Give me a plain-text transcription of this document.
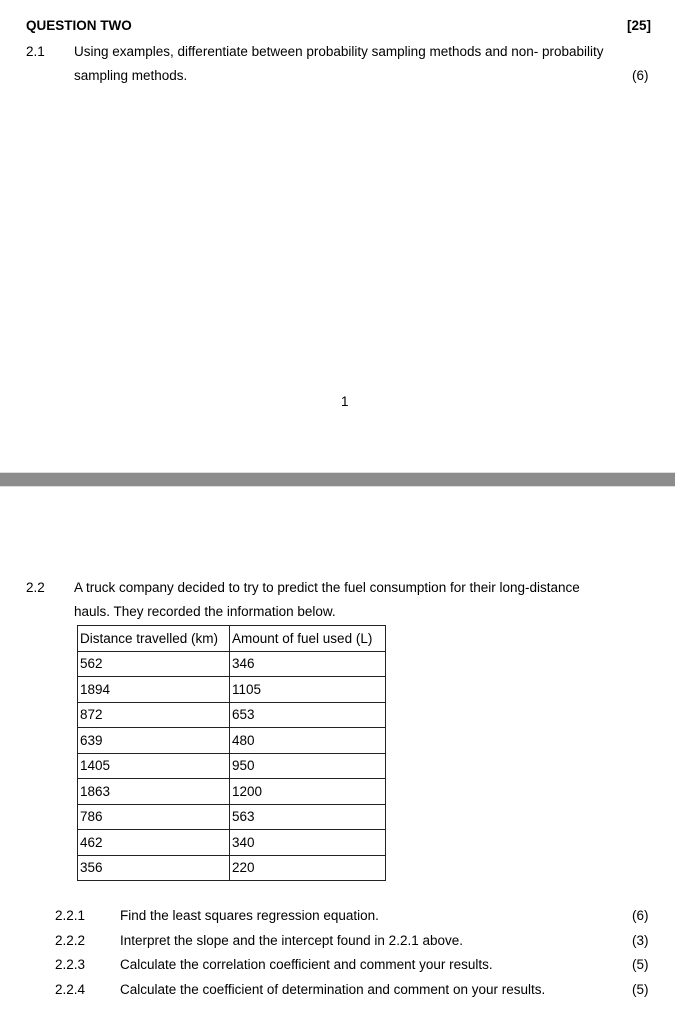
QUESTION TWO	[25]
2.1 Using examples, differentiate between probability sampling methods and non- probability
sampling methods.	(6)
1
2.2 A truck company decided to try to predict the fuel consumption for their long-distance
hauls. They recorded the information below.
Distance travelled (km)	Amount of fuel used (L)
562	346
1894	1105
872	653
639	480
1405	950
1863	1200
786	563
462	340
356	220
2.2.1	Find the least squares regression equation.	(6)
2.2.2	Interpret the slope and the intercept found in 2.2.1 above.	(3)
2.2.3	Calculate the correlation coefficient and comment your results.	(5)
2.2.4	Calculate the coefficient of determination and comment on your results.	(5)
